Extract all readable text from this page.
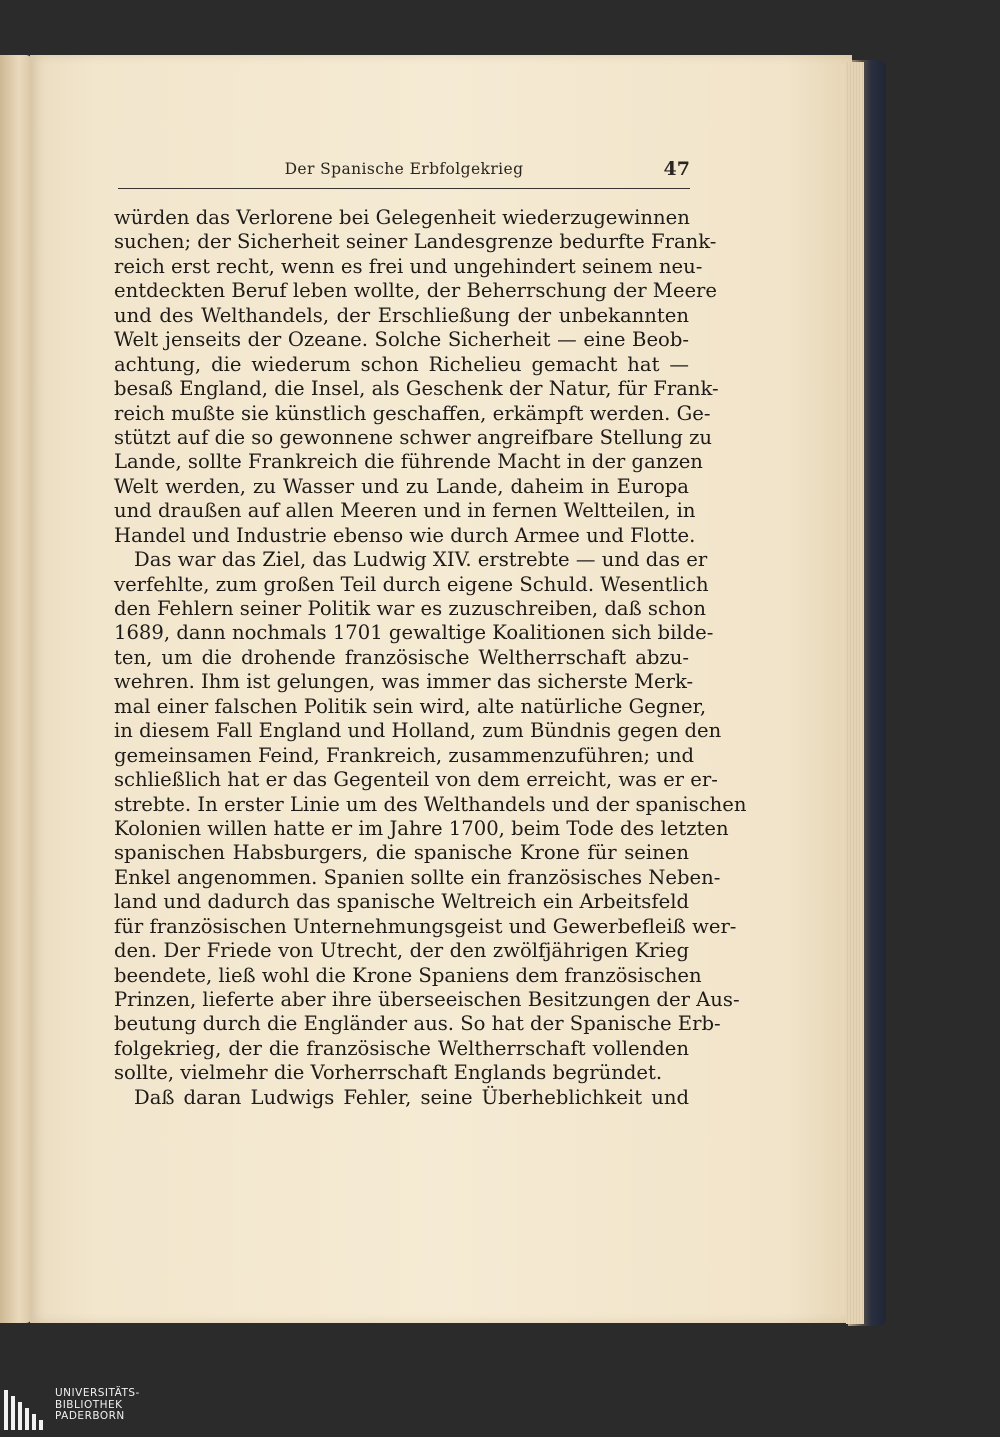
Der Spanische Erbfolgekrieg	47
würden das Verlorene bei Gelegenheit wiederzugewinnen
suchen; der Sicherheit seiner Landesgrenze bedurfte Frank-
reich erst recht, wenn es frei und ungehindert seinem neu-
entdeckten Beruf leben wollte, der Beherrschung der Meere
und des Welthandels, der Erschließung der unbekannten
Welt jenseits der Ozeane. Solche Sicherheit — eine Beob-
achtung, die wiederum schon Richelieu gemacht hat —
besaß England, die Insel, als Geschenk der Natur, für Frank-
reich mußte sie künstlich geschaffen, erkämpft werden. Ge-
stützt auf die so gewonnene schwer angreifbare Stellung zu
Lande, sollte Frankreich die führende Macht in der ganzen
Welt werden, zu Wasser und zu Lande, daheim in Europa
und draußen auf allen Meeren und in fernen Weltteilen, in
Handel und Industrie ebenso wie durch Armee und Flotte.
Das war das Ziel, das Ludwig XIV. erstrebte — und das er
verfehlte, zum großen Teil durch eigene Schuld. Wesentlich
den Fehlern seiner Politik war es zuzuschreiben, daß schon
1689, dann nochmals 1701 gewaltige Koalitionen sich bilde-
ten, um die drohende französische Weltherrschaft abzu-
wehren. Ihm ist gelungen, was immer das sicherste Merk-
mal einer falschen Politik sein wird, alte natürliche Gegner,
in diesem Fall England und Holland, zum Bündnis gegen den
gemeinsamen Feind, Frankreich, zusammenzuführen; und
schließlich hat er das Gegenteil von dem erreicht, was er er-
strebte. In erster Linie um des Welthandels und der spanischen
Kolonien willen hatte er im Jahre 1700, beim Tode des letzten
spanischen Habsburgers, die spanische Krone für seinen
Enkel angenommen. Spanien sollte ein französisches Neben-
land und dadurch das spanische Weltreich ein Arbeitsfeld
für französischen Unternehmungsgeist und Gewerbefleiß wer-
den. Der Friede von Utrecht, der den zwölfjährigen Krieg
beendete, ließ wohl die Krone Spaniens dem französischen
Prinzen, lieferte aber ihre überseeischen Besitzungen der Aus-
beutung durch die Engländer aus. So hat der Spanische Erb-
folgekrieg, der die französische Weltherrschaft vollenden
sollte, vielmehr die Vorherrschaft Englands begründet.
Daß daran Ludwigs Fehler, seine Überheblichkeit und
UNIVERSITÄTS-
BIBLIOTHEK
PADERBORN
